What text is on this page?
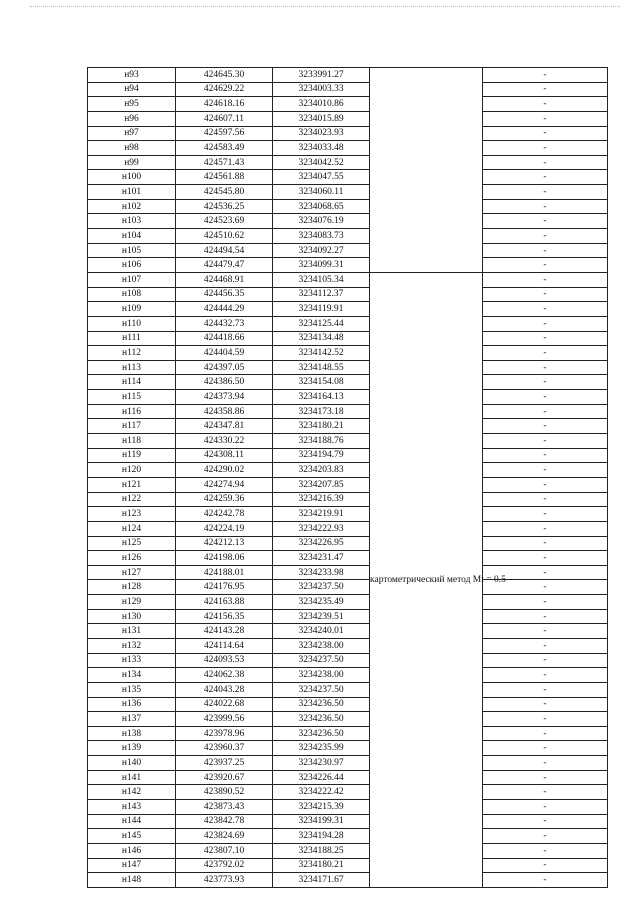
н93	424645.30	3233991.27		-
н94	424629.22	3234003.33		-
н95	424618.16	3234010.86		-
н96	424607.11	3234015.89		-
н97	424597.56	3234023.93		-
н98	424583.49	3234033.48		-
н99	424571.43	3234042.52		-
н100	424561.88	3234047.55		-
н101	424545.80	3234060.11		-
н102	424536.25	3234068.65		-
н103	424523.69	3234076.19		-
н104	424510.62	3234083.73		-
н105	424494.54	3234092.27		-
н106	424479.47	3234099.31		-
н107	424468.91	3234105.34	картометрический метод Mt = 0.5	-
н108	424456.35	3234112.37		-
н109	424444.29	3234119.91		-
н110	424432.73	3234125.44		-
н111	424418.66	3234134.48		-
н112	424404.59	3234142.52		-
н113	424397.05	3234148.55		-
н114	424386.50	3234154.08		-
н115	424373.94	3234164.13		-
н116	424358.86	3234173.18		-
н117	424347.81	3234180.21		-
н118	424330.22	3234188.76		-
н119	424308.11	3234194.79		-
н120	424290.02	3234203.83		-
н121	424274.94	3234207.85		-
н122	424259.36	3234216.39		-
н123	424242.78	3234219.91		-
н124	424224.19	3234222.93		-
н125	424212.13	3234226.95		-
н126	424198.06	3234231.47		-
н127	424188.01	3234233.98		-
н128	424176.95	3234237.50		-
н129	424163.88	3234235.49		-
н130	424156.35	3234239.51		-
н131	424143.28	3234240.01		-
н132	424114.64	3234238.00		-
н133	424093.53	3234237.50		-
н134	424062.38	3234238.00		-
н135	424043.28	3234237.50		-
н136	424022.68	3234236.50		-
н137	423999.56	3234236.50		-
н138	423978.96	3234236.50		-
н139	423960.37	3234235.99		-
н140	423937.25	3234230.97		-
н141	423920.67	3234226.44		-
н142	423890.52	3234222.42		-
н143	423873.43	3234215.39		-
н144	423842.78	3234199.31		-
н145	423824.69	3234194.28		-
н146	423807.10	3234188.25		-
н147	423792.02	3234180.21		-
н148	423773.93	3234171.67		-
